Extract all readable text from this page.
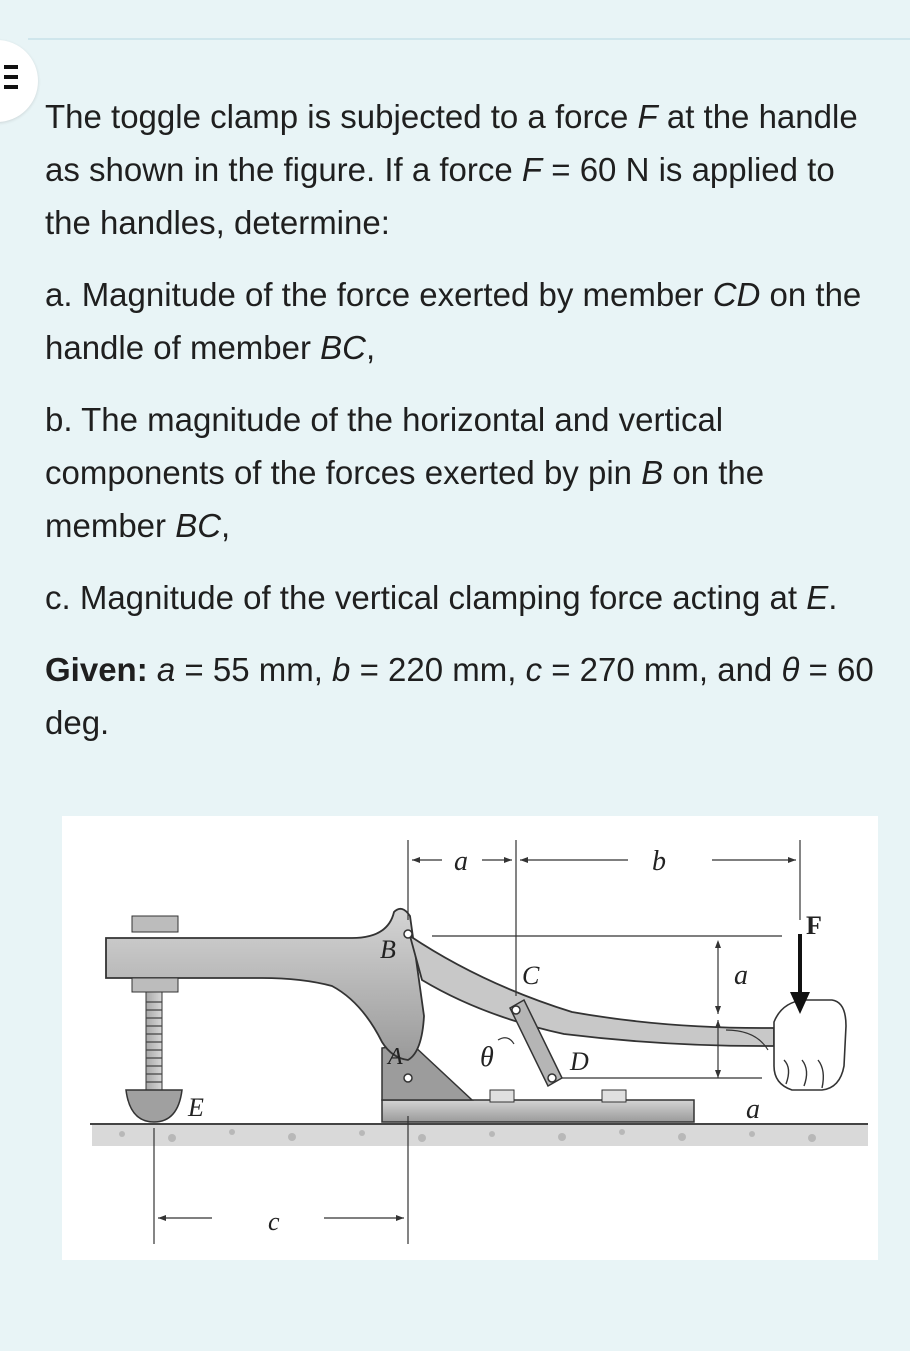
The toggle clamp is subjected to a force F at the handle as shown in the figure. If a force F = 60 N is applied to the handles, determine:

a. Magnitude of the force exerted by member CD on the handle of member BC,

b. The magnitude of the horizontal and vertical components of the forces exerted by pin B on the member BC,

c. Magnitude of the vertical clamping force acting at E.

Given: a = 55 mm, b = 220 mm, c = 270 mm, and θ = 60 deg.

a	b
a
a
c
B
C
A	D
E
F
θ
